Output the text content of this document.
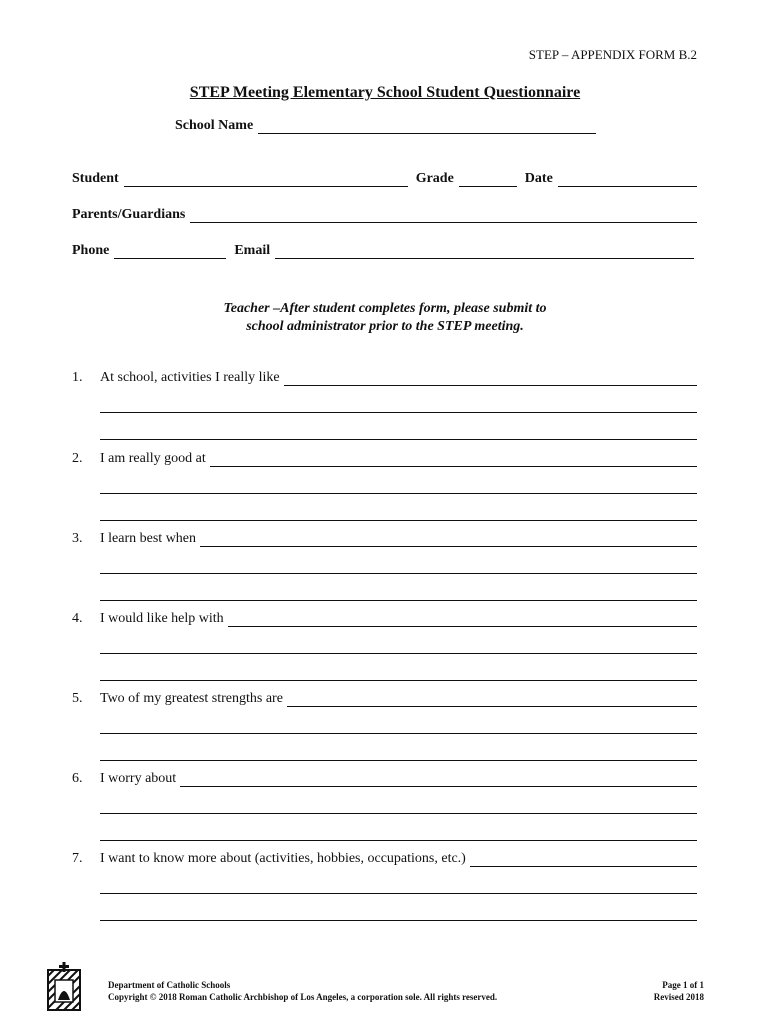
STEP – APPENDIX FORM B.2
STEP Meeting Elementary School Student Questionnaire
School Name
Student	Grade	Date
Parents/Guardians
Phone	Email
Teacher –After student completes form, please submit to
school administrator prior to the STEP meeting.
1.	At school, activities I really like
2.	I am really good at
3.	I learn best when
4.	I would like help with
5.	Two of my greatest strengths are
6.	I worry about
7.	I want to know more about (activities, hobbies, occupations, etc.)
Department of Catholic Schools
Copyright © 2018 Roman Catholic Archbishop of Los Angeles, a corporation sole. All rights reserved.
Page 1 of 1
Revised 2018
